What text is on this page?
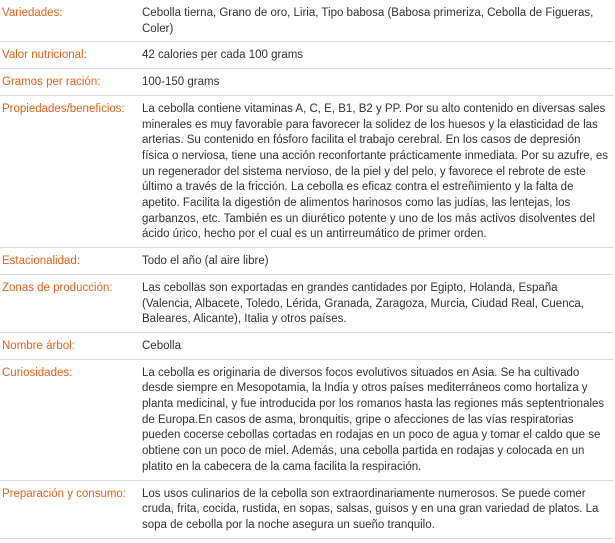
Variedades:	Cebolla tierna, Grano de oro, Liria, Tipo babosa (Babosa primeriza, Cebolla de Figueras, Coler)
Valor nutricional:	42 calories per cada 100 grams
Gramos per ración:	100-150 grams
Propiedades/beneficios:	La cebolla contiene vitaminas A, C, E, B1, B2 y PP. Por su alto contenido en diversas sales minerales es muy favorable para favorecer la solidez de los huesos y la elasticidad de las arterias. Su contenido en fósforo facilita el trabajo cerebral. En los casos de depresión física o nerviosa, tiene una acción reconfortante prácticamente inmediata. Por su azufre, es un regenerador del sistema nervioso, de la piel y del pelo, y favorece el rebrote de este último a través de la fricción. La cebolla es eficaz contra el estreñimiento y la falta de apetito. Facilita la digestión de alimentos harinosos como las judías, las lentejas, los garbanzos, etc. También es un diurético potente y uno de los más activos disolventes del ácido úrico, hecho por el cual es un antirreumático de primer orden.
Estacionalidad:	Todo el año (al aire libre)
Zonas de producción:	Las cebollas son exportadas en grandes cantidades por Egipto, Holanda, España (Valencia, Albacete, Toledo, Lérida, Granada, Zaragoza, Murcia, Ciudad Real, Cuenca, Baleares, Alicante), Italia y otros países.
Nombre árbol:	Cebolla
Curiosidades:	La cebolla es originaria de diversos focos evolutivos situados en Asia. Se ha cultivado desde siempre en Mesopotamia, la India y otros países mediterráneos como hortaliza y planta medicinal, y fue introducida por los romanos hasta las regiones más septentrionales de Europa.En casos de asma, bronquitis, gripe o afecciones de las vías respiratorias pueden cocerse cebollas cortadas en rodajas en un poco de agua y tomar el caldo que se obtiene con un poco de miel. Además, una cebolla partida en rodajas y colocada en un platito en la cabecera de la cama facilita la respiración.
Preparación y consumo:	Los usos culinarios de la cebolla son extraordinariamente numerosos. Se puede comer cruda, frita, cocida, rustida, en sopas, salsas, guisos y en una gran variedad de platos. La sopa de cebolla por la noche asegura un sueño tranquilo.
